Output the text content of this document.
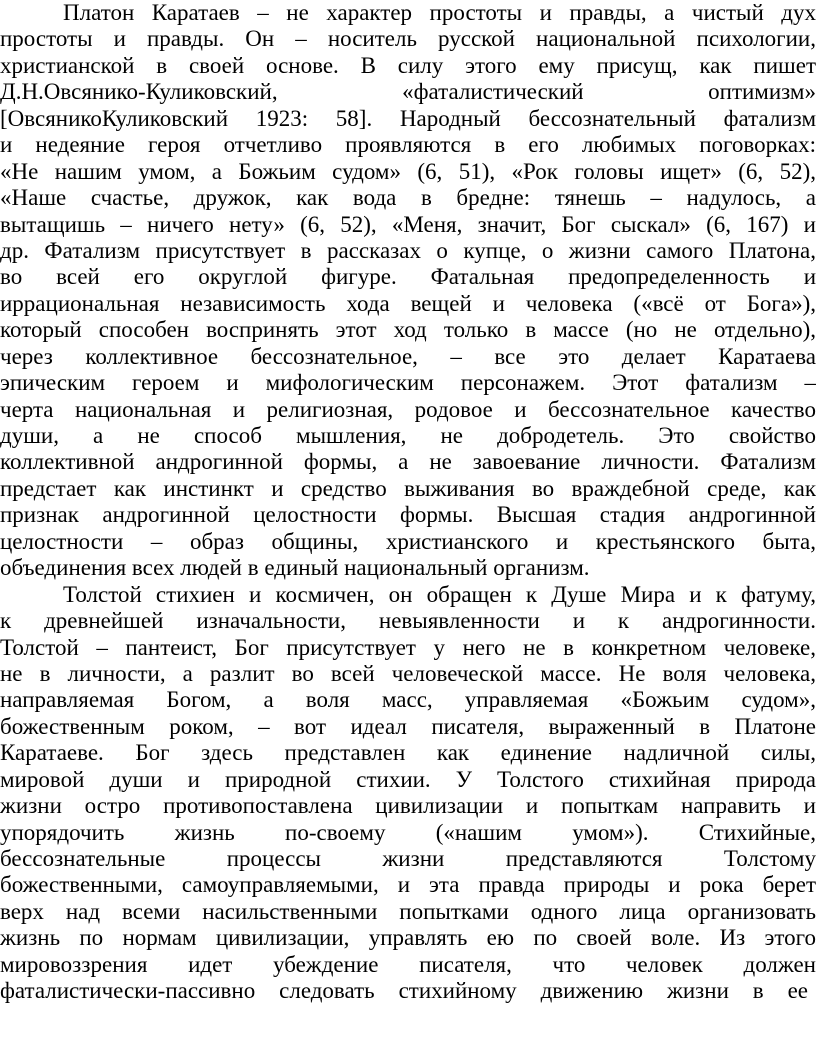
Платон Каратаев – не характер простоты и правды, а чистый дух
простоты и правды. Он – носитель русской национальной психологии,
христианской в своей основе. В силу этого ему присущ, как пишет
Д.Н.Овсянико-Куликовский, «фаталистический оптимизм»
[ОвсяникоКуликовский 1923: 58]. Народный бессознательный фатализм
и недеяние героя отчетливо проявляются в его любимых поговорках:
«Не нашим умом, а Божьим судом» (6, 51), «Рок головы ищет» (6, 52),
«Наше счастье, дружок, как вода в бредне: тянешь – надулось, а
вытащишь – ничего нету» (6, 52), «Меня, значит, Бог сыскал» (6, 167) и
др. Фатализм присутствует в рассказах о купце, о жизни самого Платона,
во всей его округлой фигуре. Фатальная предопределенность и
иррациональная независимость хода вещей и человека («всё от Бога»),
который способен воспринять этот ход только в массе (но не отдельно),
через коллективное бессознательное, – все это делает Каратаева
эпическим героем и мифологическим персонажем. Этот фатализм –
черта национальная и религиозная, родовое и бессознательное качество
души, а не способ мышления, не добродетель. Это свойство
коллективной андрогинной формы, а не завоевание личности. Фатализм
предстает как инстинкт и средство выживания во враждебной среде, как
признак андрогинной целостности формы. Высшая стадия андрогинной
целостности – образ общины, христианского и крестьянского быта,
объединения всех людей в единый национальный организм.
Толстой стихиен и космичен, он обращен к Душе Мира и к фатуму,
к древнейшей изначальности, невыявленности и к андрогинности.
Толстой – пантеист, Бог присутствует у него не в конкретном человеке,
не в личности, а разлит во всей человеческой массе. Не воля человека,
направляемая Богом, а воля масс, управляемая «Божьим судом»,
божественным роком, – вот идеал писателя, выраженный в Платоне
Каратаеве. Бог здесь представлен как единение надличной силы,
мировой души и природной стихии. У Толстого стихийная природа
жизни остро противопоставлена цивилизации и попыткам направить и
упорядочить жизнь по-своему («нашим умом»). Стихийные,
бессознательные процессы жизни представляются Толстому
божественными, самоуправляемыми, и эта правда природы и рока берет
верх над всеми насильственными попытками одного лица организовать
жизнь по нормам цивилизации, управлять ею по своей воле. Из этого
мировоззрения идет убеждение писателя, что человек должен
фаталистически-пассивно следовать стихийному движению жизни в ее
